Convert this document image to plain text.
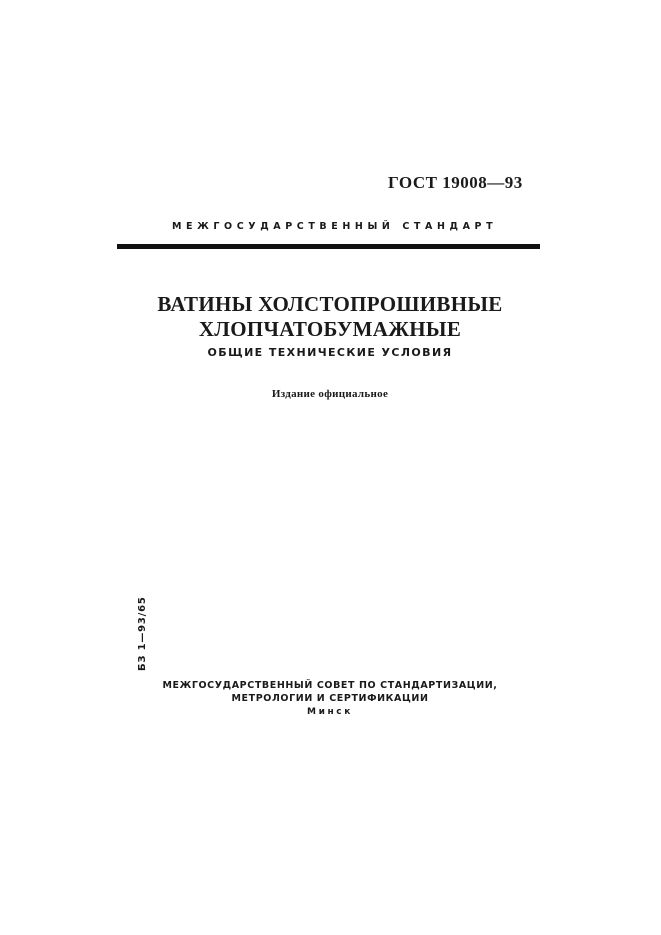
ГОСТ 19008—93
МЕЖГОСУДАРСТВЕННЫЙ СТАНДАРТ
ВАТИНЫ ХОЛСТОПРОШИВНЫЕ
ХЛОПЧАТОБУМАЖНЫЕ
ОБЩИЕ ТЕХНИЧЕСКИЕ УСЛОВИЯ
Издание официальное
БЗ 1—93/65
МЕЖГОСУДАРСТВЕННЫЙ СОВЕТ ПО СТАНДАРТИЗАЦИИ,
МЕТРОЛОГИИ И СЕРТИФИКАЦИИ
Минск
